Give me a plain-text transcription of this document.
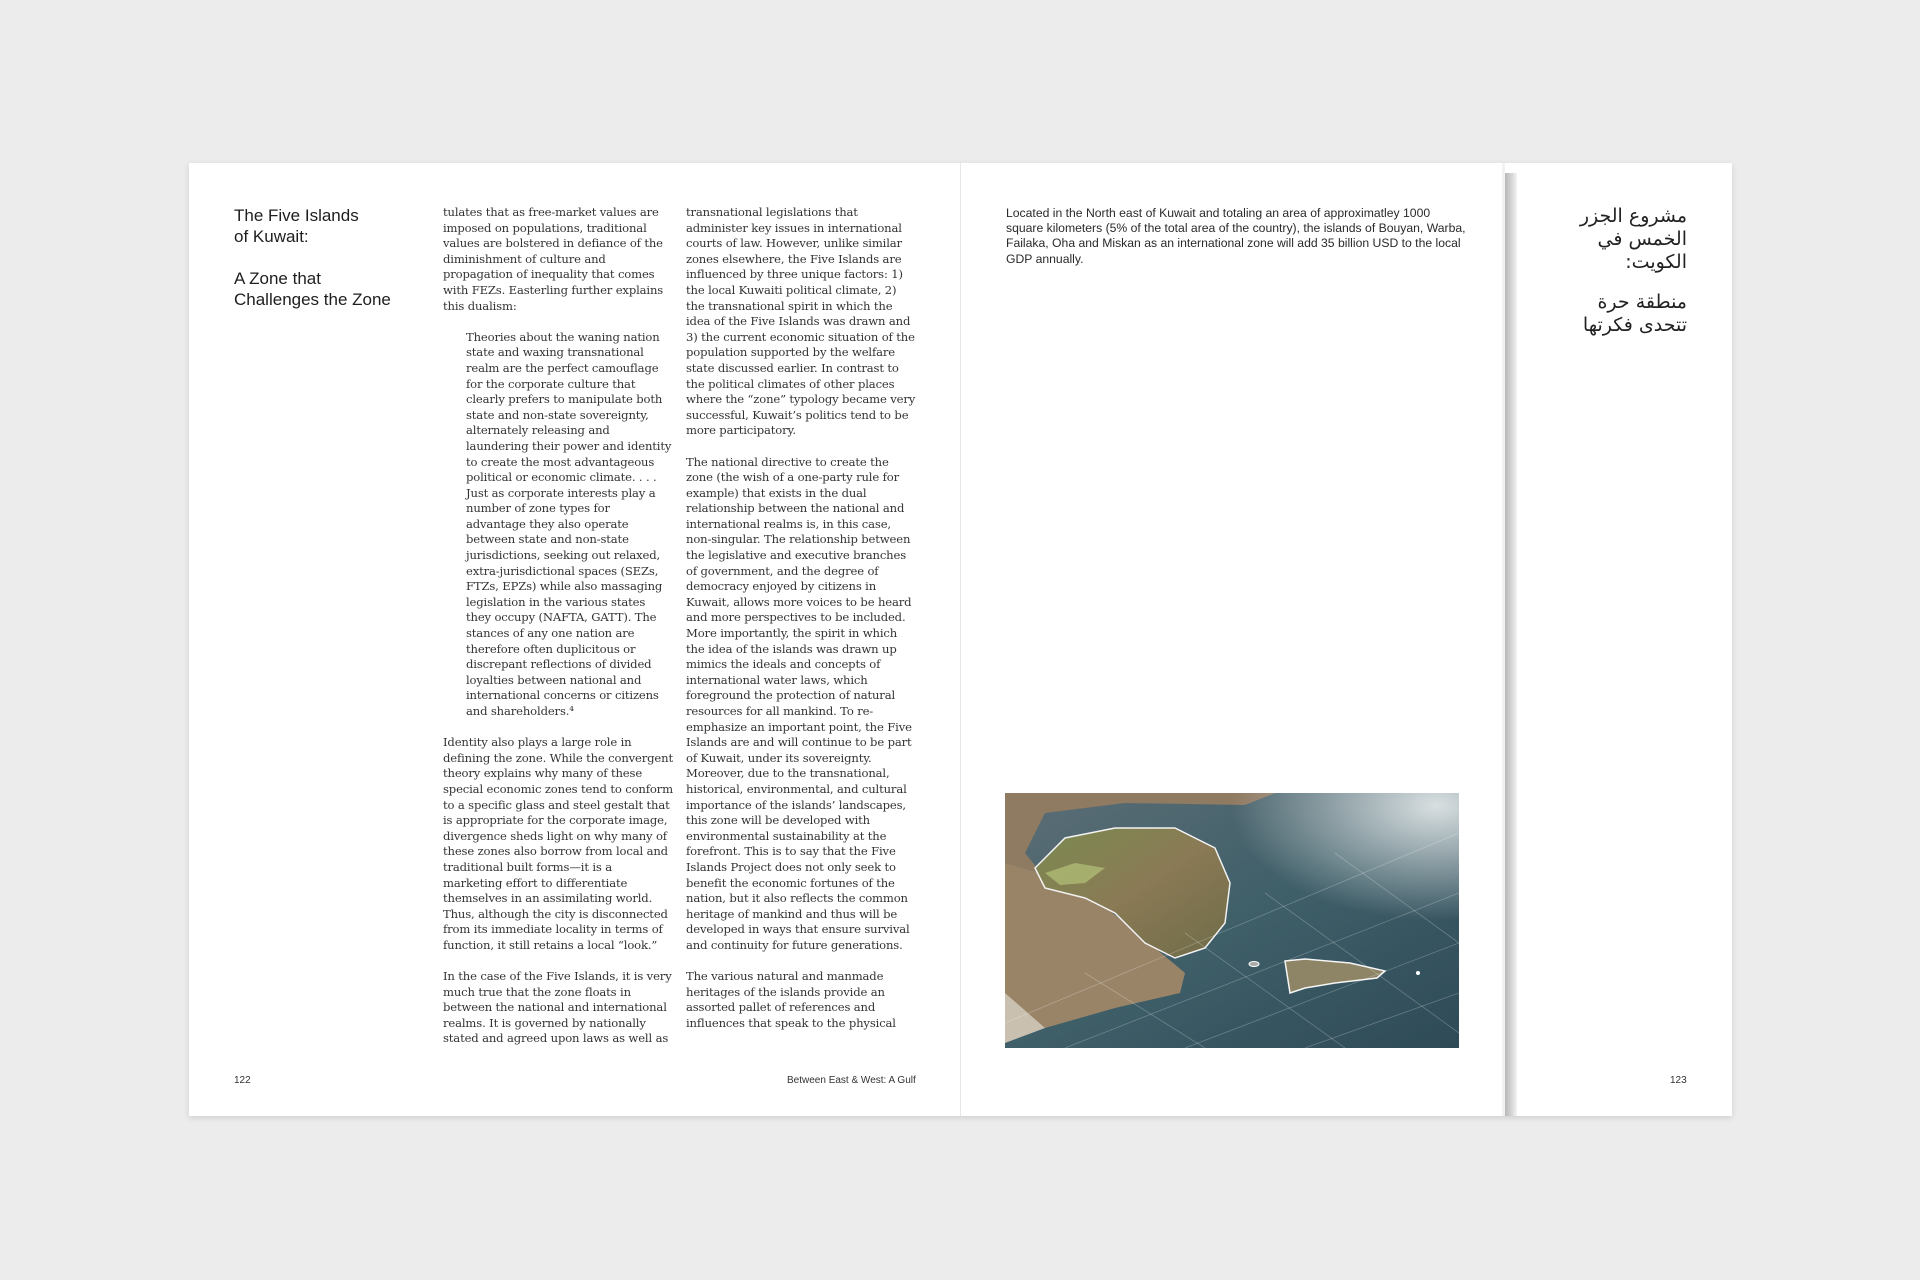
The Five Islands
of Kuwait:

A Zone that
Challenges the Zone

tulates that as free-market values are imposed on populations, traditional values are bolstered in defiance of the diminishment of culture and propagation of inequality that comes with FEZs. Easterling further explains this dualism:

Theories about the waning nation state and waxing transnational realm are the perfect camouflage for the corporate culture that clearly prefers to manipulate both state and non-state sovereignty, alternately releasing and laundering their power and identity to create the most advantageous political or economic climate. . . . Just as corporate interests play a number of zone types for advantage they also operate between state and non-state jurisdictions, seeking out relaxed, extra-jurisdictional spaces (SEZs, FTZs, EPZs) while also massaging legislation in the various states they occupy (NAFTA, GATT). The stances of any one nation are therefore often duplicitous or discrepant reflections of divided loyalties between national and international concerns or citizens and shareholders.⁴

Identity also plays a large role in defining the zone. While the convergent theory explains why many of these special economic zones tend to conform to a specific glass and steel gestalt that is appropriate for the corporate image, divergence sheds light on why many of these zones also borrow from local and traditional built forms—it is a marketing effort to differentiate themselves in an assimilating world. Thus, although the city is disconnected from its immediate locality in terms of function, it still retains a local “look.”

In the case of the Five Islands, it is very much true that the zone floats in between the national and international realms. It is governed by nationally stated and agreed upon laws as well as

transnational legislations that administer key issues in international courts of law. However, unlike similar zones elsewhere, the Five Islands are influenced by three unique factors: 1) the local Kuwaiti political climate, 2) the transnational spirit in which the idea of the Five Islands was drawn and 3) the current economic situation of the population supported by the welfare state discussed earlier. In contrast to the political climates of other places where the “zone” typology became very successful, Kuwait’s politics tend to be more participatory.

The national directive to create the zone (the wish of a one-party rule for example) that exists in the dual relationship between the national and international realms is, in this case, non-singular. The relationship between the legislative and executive branches of government, and the degree of democracy enjoyed by citizens in Kuwait, allows more voices to be heard and more perspectives to be included. More importantly, the spirit in which the idea of the islands was drawn up mimics the ideals and concepts of international water laws, which foreground the protection of natural resources for all mankind. To re-emphasize an important point, the Five Islands are and will continue to be part of Kuwait, under its sovereignty. Moreover, due to the transnational, historical, environmental, and cultural importance of the islands’ landscapes, this zone will be developed with environmental sustainability at the forefront. This is to say that the Five Islands Project does not only seek to benefit the economic fortunes of the nation, but it also reflects the common heritage of mankind and thus will be developed in ways that ensure survival and continuity for future generations.

The various natural and manmade heritages of the islands provide an assorted pallet of references and influences that speak to the physical

122	Between East & West: A Gulf
Located in the North east of Kuwait and totaling an area of approximatley 1000 square kilometers (5% of the total area of the country), the islands of Bouyan, Warba, Failaka, Oha and Miskan as an international zone will add 35 billion USD to the local GDP annually.
123

مشروع الجزر
الخمس في
الكويت:

منطقة حرة
تتحدى فكرتها
